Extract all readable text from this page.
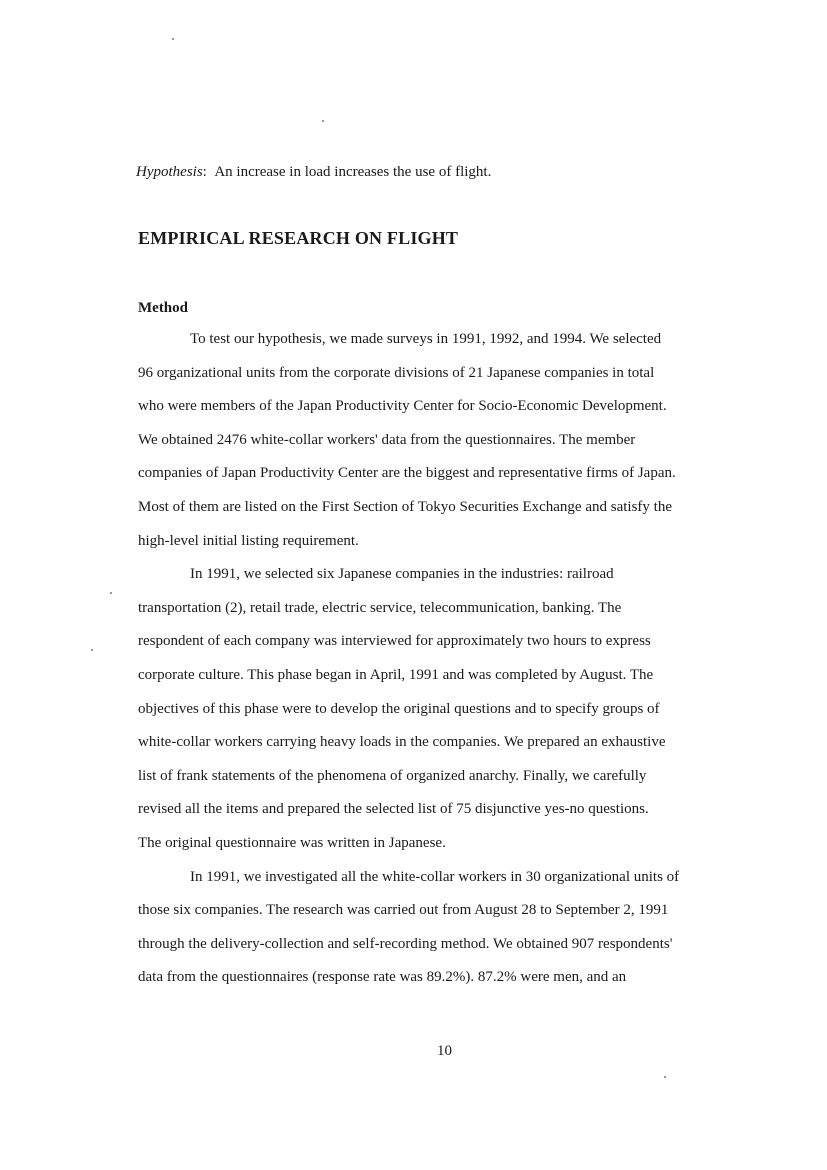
Hypothesis:  An increase in load increases the use of flight.
EMPIRICAL RESEARCH ON FLIGHT
Method
To test our hypothesis, we made surveys in 1991, 1992, and 1994. We selected
96 organizational units from the corporate divisions of 21 Japanese companies in total
who were members of the Japan Productivity Center for Socio-Economic Development.
We obtained 2476 white-collar workers' data from the questionnaires. The member
companies of Japan Productivity Center are the biggest and representative firms of Japan.
Most of them are listed on the First Section of Tokyo Securities Exchange and satisfy the
high-level initial listing requirement.
In 1991, we selected six Japanese companies in the industries: railroad
transportation (2), retail trade, electric service, telecommunication, banking. The
respondent of each company was interviewed for approximately two hours to express
corporate culture. This phase began in April, 1991 and was completed by August. The
objectives of this phase were to develop the original questions and to specify groups of
white-collar workers carrying heavy loads in the companies. We prepared an exhaustive
list of frank statements of the phenomena of organized anarchy. Finally, we carefully
revised all the items and prepared the selected list of 75 disjunctive yes-no questions.
The original questionnaire was written in Japanese.
In 1991, we investigated all the white-collar workers in 30 organizational units of
those six companies. The research was carried out from August 28 to September 2, 1991
through the delivery-collection and self-recording method. We obtained 907 respondents'
data from the questionnaires (response rate was 89.2%). 87.2% were men, and an
10
